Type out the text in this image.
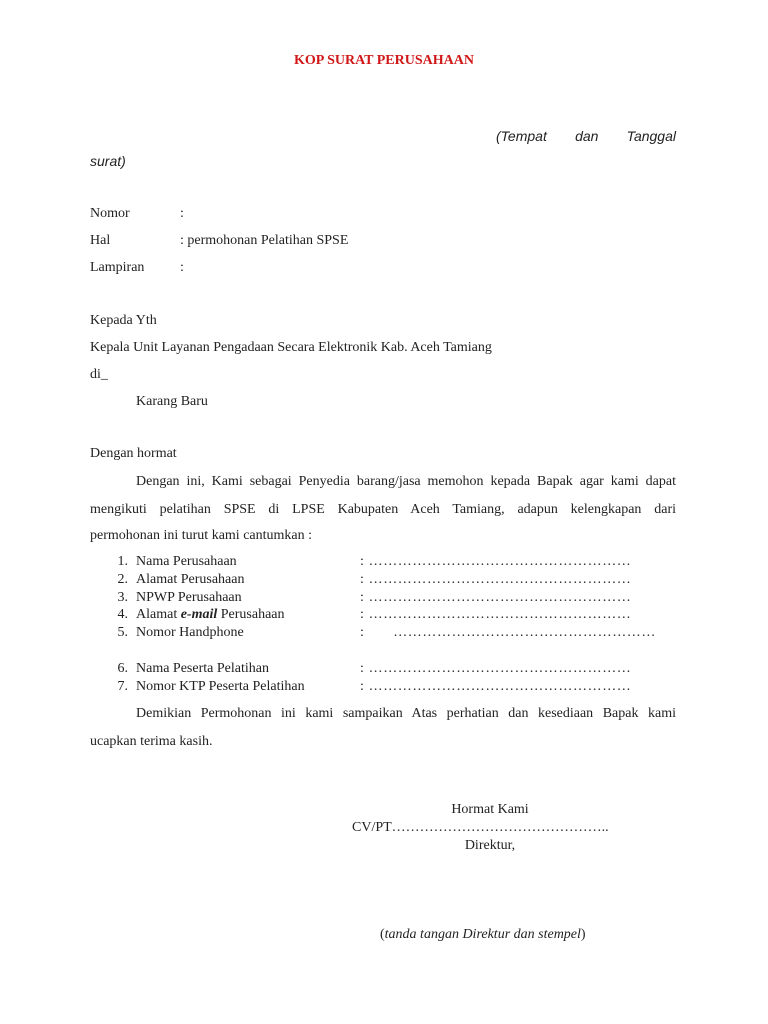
KOP SURAT PERUSAHAAN
(Tempat dan Tanggal
surat)
Nomor	:
Hal	: permohonan Pelatihan SPSE
Lampiran	:
Kepada Yth
Kepala Unit Layanan Pengadaan Secara Elektronik Kab. Aceh Tamiang
di_
Karang Baru
Dengan hormat
Dengan ini, Kami sebagai Penyedia barang/jasa memohon kepada Bapak agar kami dapat
mengikuti pelatihan SPSE di LPSE Kabupaten Aceh Tamiang, adapun kelengkapan dari
permohonan ini turut kami cantumkan :
1. Nama Perusahaan	: ………………………………………………
2. Alamat Perusahaan	: ………………………………………………
3. NPWP Perusahaan	: ………………………………………………
4. Alamat e-mail Perusahaan	: ………………………………………………
5. Nomor Handphone	:       ………………………………………………
6. Nama Peserta Pelatihan	: ………………………………………………
7. Nomor KTP Peserta Pelatihan	: ………………………………………………
Demikian Permohonan ini kami sampaikan Atas perhatian dan kesediaan Bapak kami
ucapkan terima kasih.
Hormat Kami
CV/PT………………………………………..
Direktur,
(tanda tangan Direktur dan stempel)
